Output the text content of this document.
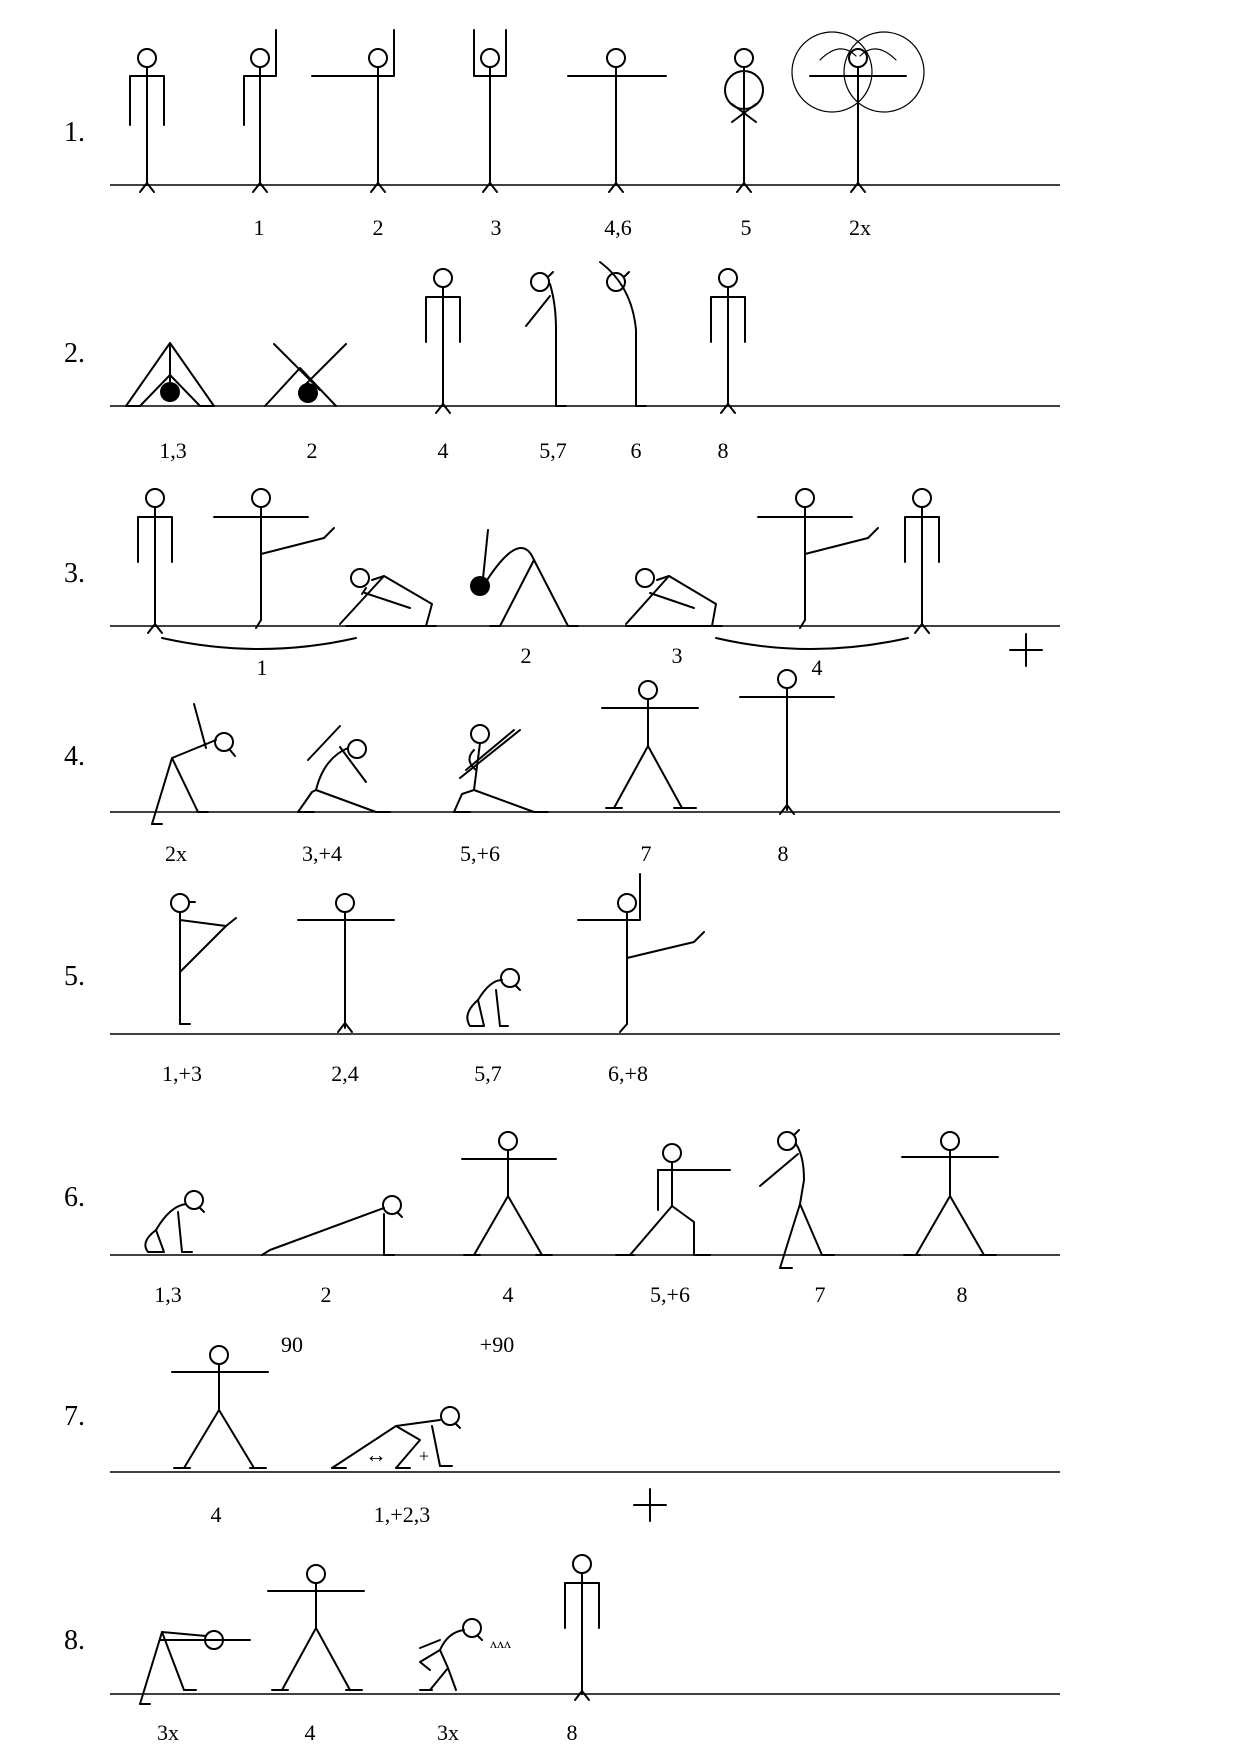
1.
1	2	3	4,6	5	2x
2.
1,3	2	4	5,7	6	8
3.
1	2	3	4
4.
2x	3,+4	5,+6	7	8
5.
1,+3	2,4	5,7	6,+8
6.
1,3	2	4	5,+6	7	8
90	+90
7.
↔ +
4	1,+2,3
8.	ʌʌʌ
3x	4	3x	8
